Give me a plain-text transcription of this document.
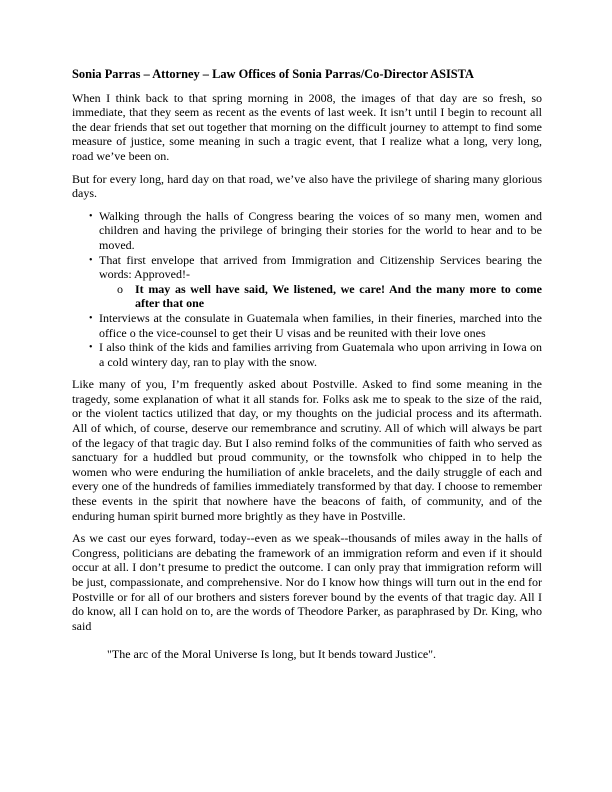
Sonia Parras – Attorney – Law Offices of Sonia Parras/Co-Director ASISTA

When I think back to that spring morning in 2008, the images of that day are so fresh, so immediate, that they seem as recent as the events of last week. It isn’t until I begin to recount all the dear friends that set out together that morning on the difficult journey to attempt to find some measure of justice, some meaning in such a tragic event, that I realize what a long, very long, road we’ve been on.

But for every long, hard day on that road, we’ve also have the privilege of sharing many glorious days.

• Walking through the halls of Congress bearing the voices of so many men, women and children and having the privilege of bringing their stories for the world to hear and to be moved.
• That first envelope that arrived from Immigration and Citizenship Services bearing the words: Approved!-
o It may as well have said, We listened, we care! And the many more to come after that one
• Interviews at the consulate in Guatemala when families, in their fineries, marched into the office o the vice-counsel to get their U visas and be reunited with their love ones
• I also think of the kids and families arriving from Guatemala who upon arriving in Iowa on a cold wintery day, ran to play with the snow.

Like many of you, I’m frequently asked about Postville. Asked to find some meaning in the tragedy, some explanation of what it all stands for. Folks ask me to speak to the size of the raid, or the violent tactics utilized that day, or my thoughts on the judicial process and its aftermath. All of which, of course, deserve our remembrance and scrutiny. All of which will always be part of the legacy of that tragic day. But I also remind folks of the communities of faith who served as sanctuary for a huddled but proud community, or the townsfolk who chipped in to help the women who were enduring the humiliation of ankle bracelets, and the daily struggle of each and every one of the hundreds of families immediately transformed by that day. I choose to remember these events in the spirit that nowhere have the beacons of faith, of community, and of the enduring human spirit burned more brightly as they have in Postville.

As we cast our eyes forward, today--even as we speak--thousands of miles away in the halls of Congress, politicians are debating the framework of an immigration reform and even if it should occur at all. I don’t presume to predict the outcome. I can only pray that immigration reform will be just, compassionate, and comprehensive. Nor do I know how things will turn out in the end for Postville or for all of our brothers and sisters forever bound by the events of that tragic day. All I do know, all I can hold on to, are the words of Theodore Parker, as paraphrased by Dr. King, who said

"The arc of the Moral Universe Is long, but It bends toward Justice".
